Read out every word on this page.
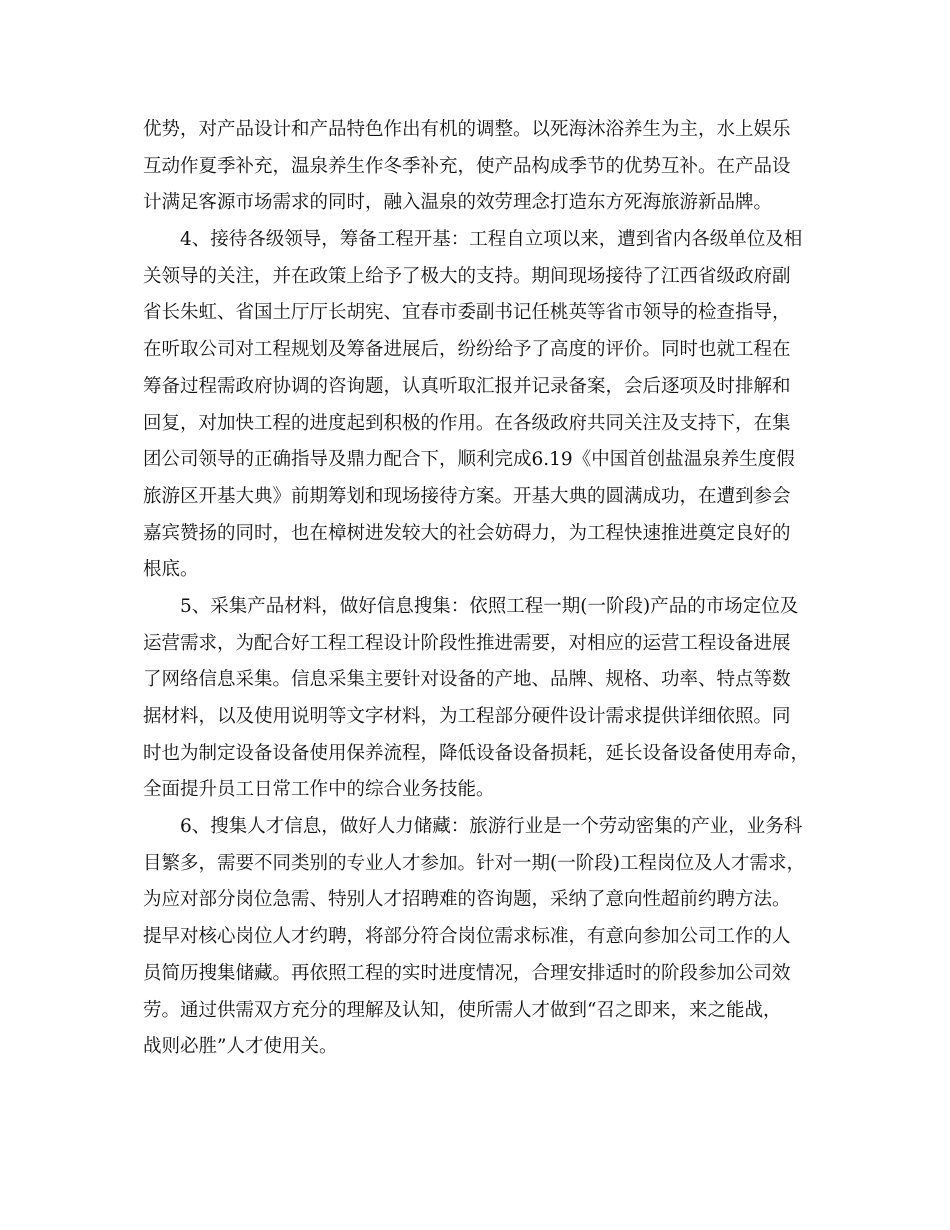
优势，对产品设计和产品特色作出有机的调整。以死海沐浴养生为主，水上娱乐
互动作夏季补充，温泉养生作冬季补充，使产品构成季节的优势互补。在产品设
计满足客源市场需求的同时，融入温泉的效劳理念打造东方死海旅游新品牌。
4、接待各级领导，筹备工程开基：工程自立项以来，遭到省内各级单位及相
关领导的关注，并在政策上给予了极大的支持。期间现场接待了江西省级政府副
省长朱虹、省国土厅厅长胡宪、宜春市委副书记任桃英等省市领导的检查指导，
在听取公司对工程规划及筹备进展后，纷纷给予了高度的评价。同时也就工程在
筹备过程需政府协调的咨询题，认真听取汇报并记录备案，会后逐项及时排解和
回复，对加快工程的进度起到积极的作用。在各级政府共同关注及支持下，在集
团公司领导的正确指导及鼎力配合下，顺利完成6.19《中国首创盐温泉养生度假
旅游区开基大典》前期筹划和现场接待方案。开基大典的圆满成功，在遭到参会
嘉宾赞扬的同时，也在樟树进发较大的社会妨碍力，为工程快速推进奠定良好的
根底。
5、采集产品材料，做好信息搜集：依照工程一期(一阶段)产品的市场定位及
运营需求，为配合好工程工程设计阶段性推进需要，对相应的运营工程设备进展
了网络信息采集。信息采集主要针对设备的产地、品牌、规格、功率、特点等数
据材料，以及使用说明等文字材料，为工程部分硬件设计需求提供详细依照。同
时也为制定设备设备使用保养流程，降低设备设备损耗，延长设备设备使用寿命，
全面提升员工日常工作中的综合业务技能。
6、搜集人才信息，做好人力储藏：旅游行业是一个劳动密集的产业，业务科
目繁多，需要不同类别的专业人才参加。针对一期(一阶段)工程岗位及人才需求，
为应对部分岗位急需、特别人才招聘难的咨询题，采纳了意向性超前约聘方法。
提早对核心岗位人才约聘，将部分符合岗位需求标准，有意向参加公司工作的人
员简历搜集储藏。再依照工程的实时进度情况，合理安排适时的阶段参加公司效
劳。通过供需双方充分的理解及认知，使所需人才做到“召之即来，来之能战，
战则必胜”人才使用关。
